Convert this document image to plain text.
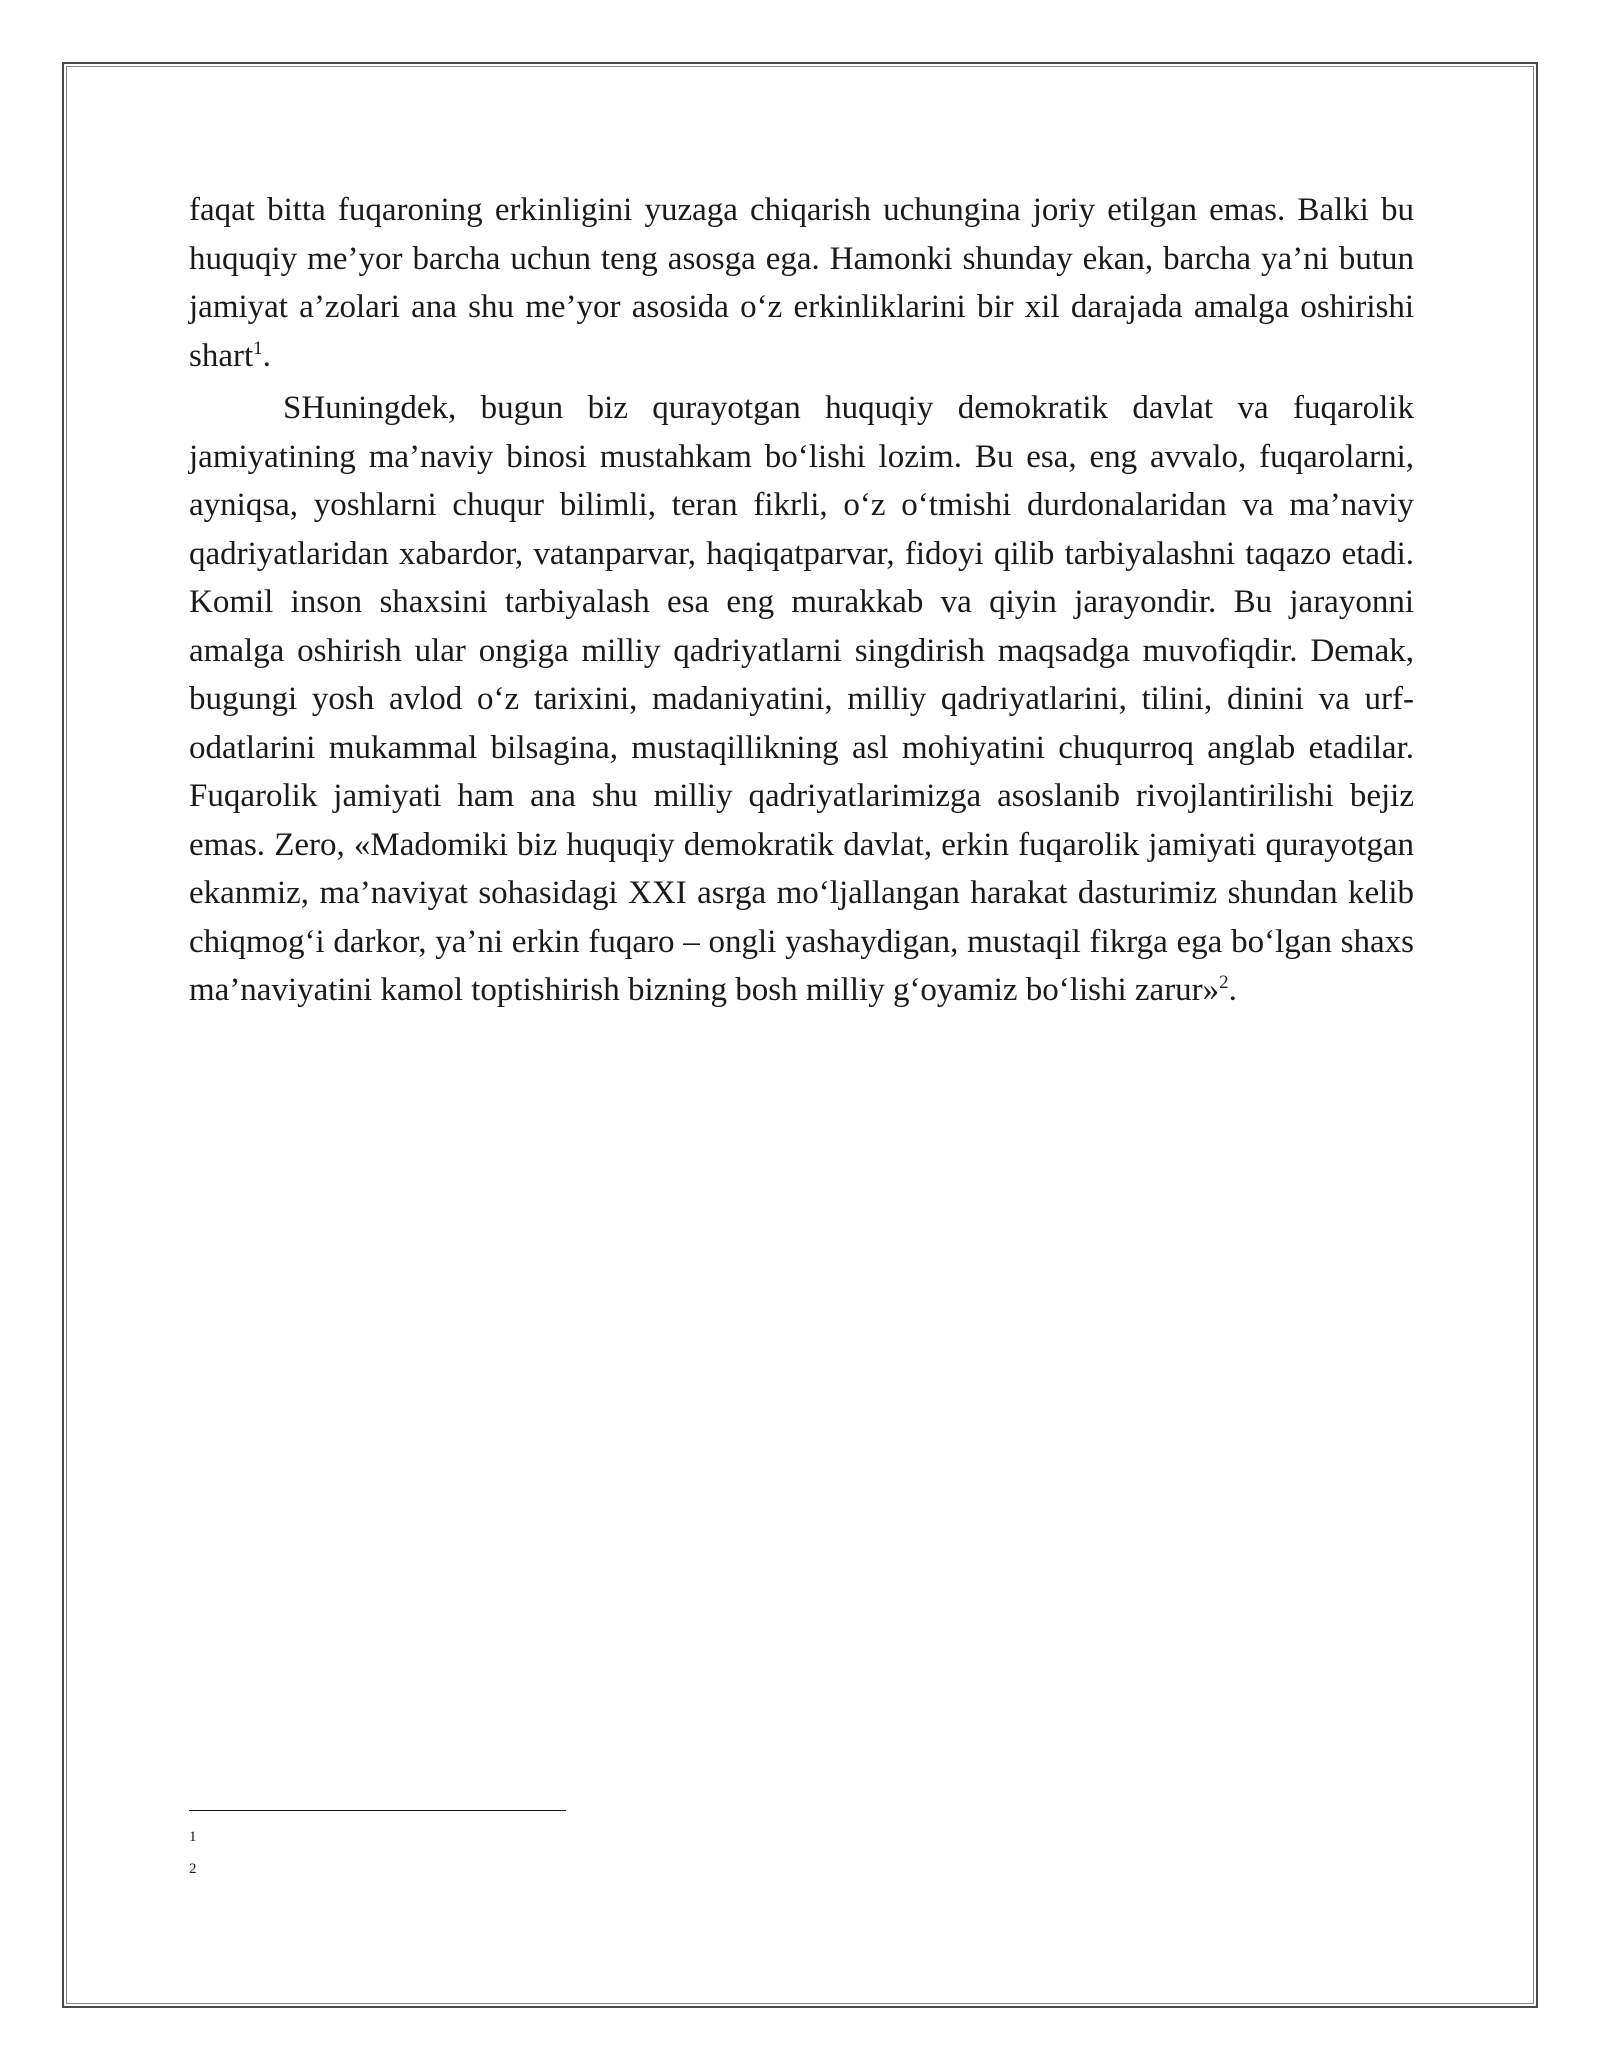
faqat bitta fuqaroning erkinligini yuzaga chiqarish uchungina joriy etilgan emas. Balki bu huquqiy me’yor barcha uchun teng asosga ega. Hamonki shunday ekan, barcha ya’ni butun jamiyat a’zolari ana shu me’yor asosida o‘z erkinliklarini bir xil darajada amalga oshirishi shart$^1$.

SHuningdek, bugun biz qurayotgan huquqiy demokratik davlat va fuqarolik jamiyatining ma’naviy binosi mustahkam bo‘lishi lozim. Bu esa, eng avvalo, fuqarolarni, ayniqsa, yoshlarni chuqur bilimli, teran fikrli, o‘z o‘tmishi durdonalaridan va ma’naviy qadriyatlaridan xabardor, vatanparvar, haqiqatparvar, fidoyi qilib tarbiyalashni taqazo etadi. Komil inson shaxsini tarbiyalash esa eng murakkab va qiyin jarayondir. Bu jarayonni amalga oshirish ular ongiga milliy qadriyatlarni singdirish maqsadga muvofiqdir. Demak, bugungi yosh avlod o‘z tarixini, madaniyatini, milliy qadriyatlarini, tilini, dinini va urf-odatlarini mukammal bilsagina, mustaqillikning asl mohiyatini chuqurroq anglab etadilar. Fuqarolik jamiyati ham ana shu milliy qadriyatlarimizga asoslanib rivojlantirilishi bejiz emas. Zero, «Madomiki biz huquqiy demokratik davlat, erkin fuqarolik jamiyati qurayotgan ekanmiz, ma’naviyat sohasidagi XXI asrga mo‘ljallangan harakat dasturimiz shundan kelib chiqmog‘i darkor, ya’ni erkin fuqaro – ongli yashaydigan, mustaqil fikrga ega bo‘lgan shaxs ma’naviyatini kamol toptishirish bizning bosh milliy g‘oyamiz bo‘lishi zarur»$^2$.

1
2
